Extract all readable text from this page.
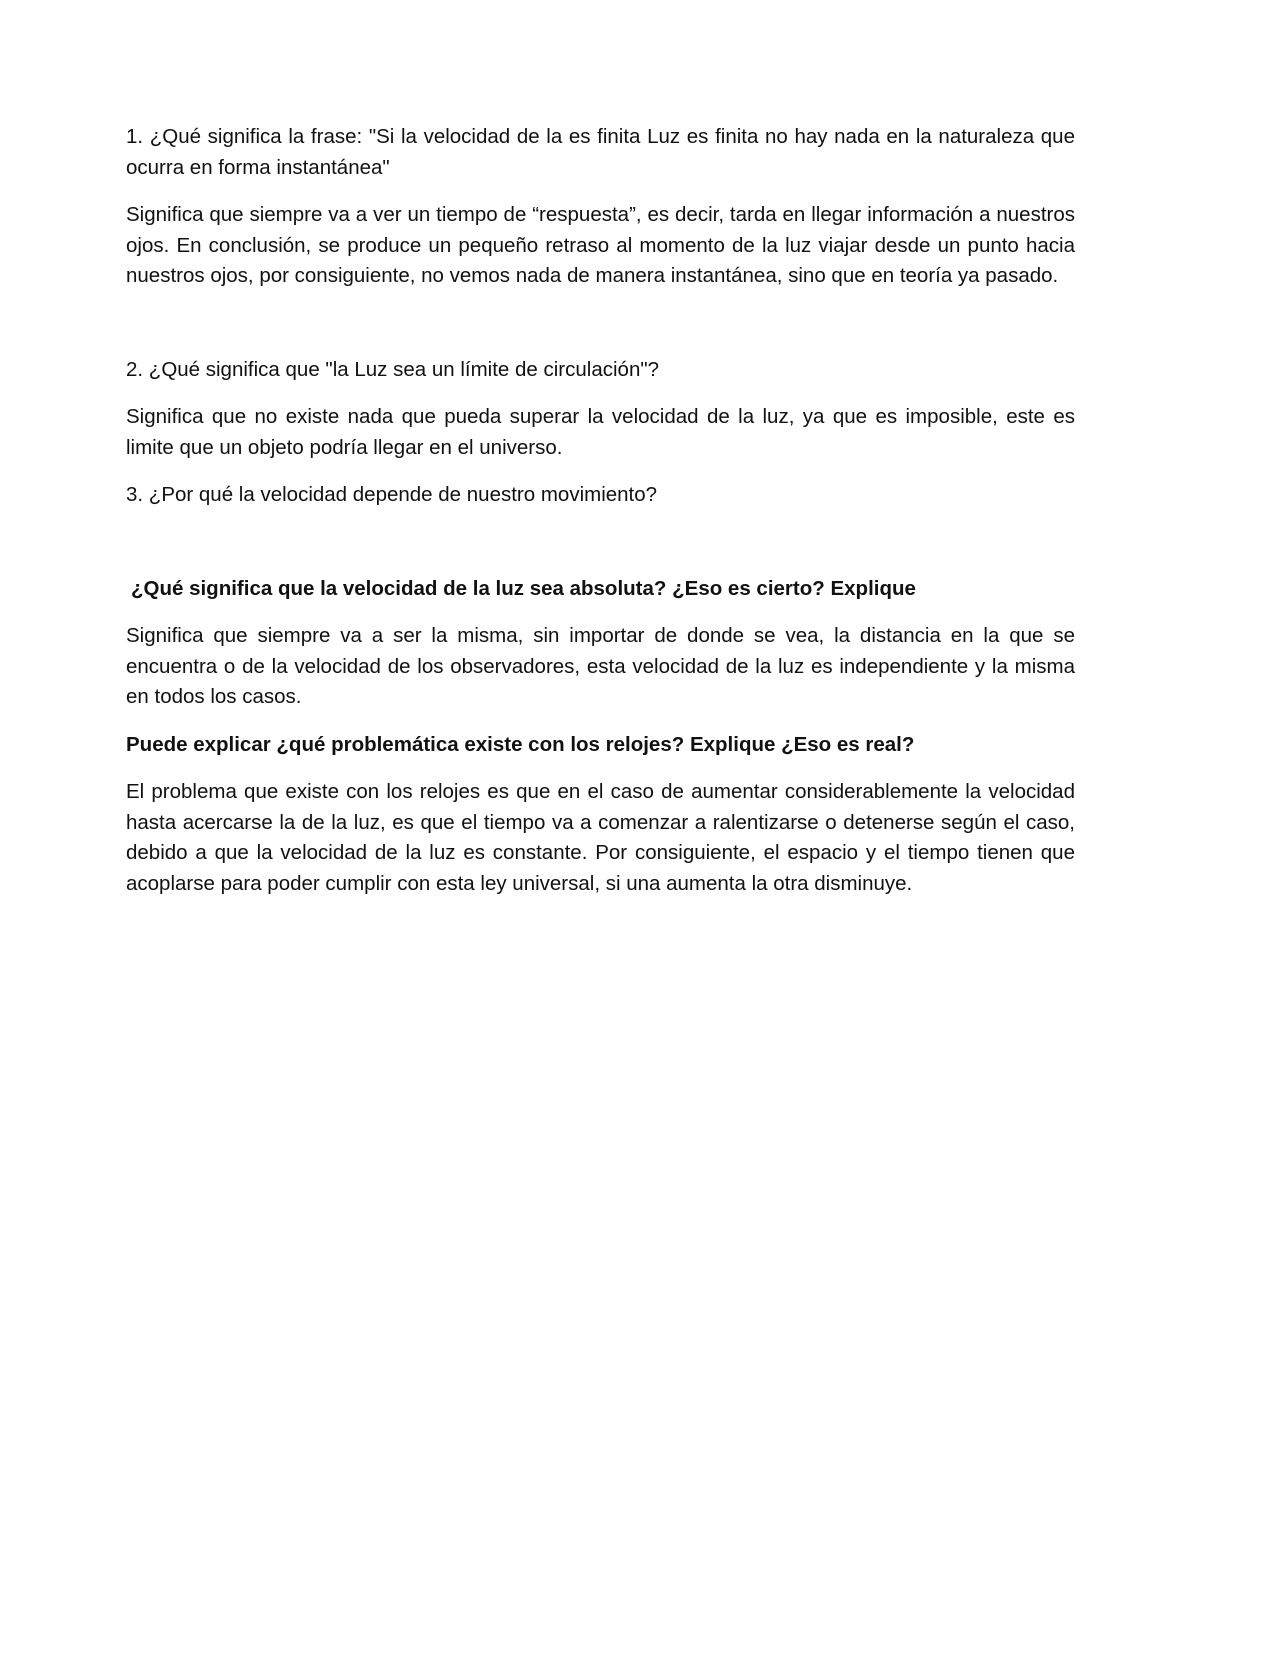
1. ¿Qué significa la frase: "Si la velocidad de la es finita Luz es finita no hay nada en la naturaleza que ocurra en forma instantánea"

Significa que siempre va a ver un tiempo de “respuesta”, es decir, tarda en llegar información a nuestros ojos. En conclusión, se produce un pequeño retraso al momento de la luz viajar desde un punto hacia nuestros ojos, por consiguiente, no vemos nada de manera instantánea, sino que en teoría ya pasado.

2. ¿Qué significa que "la Luz sea un límite de circulación"?

Significa que no existe nada que pueda superar la velocidad de la luz, ya que es imposible, este es limite que un objeto podría llegar en el universo.

3. ¿Por qué la velocidad depende de nuestro movimiento?

¿Qué significa que la velocidad de la luz sea absoluta? ¿Eso es cierto? Explique

Significa que siempre va a ser la misma, sin importar de donde se vea, la distancia en la que se encuentra o de la velocidad de los observadores, esta velocidad de la luz es independiente y la misma en todos los casos.

Puede explicar ¿qué problemática existe con los relojes? Explique ¿Eso es real?

El problema que existe con los relojes es que en el caso de aumentar considerablemente la velocidad hasta acercarse la de la luz, es que el tiempo va a comenzar a ralentizarse o detenerse según el caso, debido a que la velocidad de la luz es constante. Por consiguiente, el espacio y el tiempo tienen que acoplarse para poder cumplir con esta ley universal, si una aumenta la otra disminuye.
